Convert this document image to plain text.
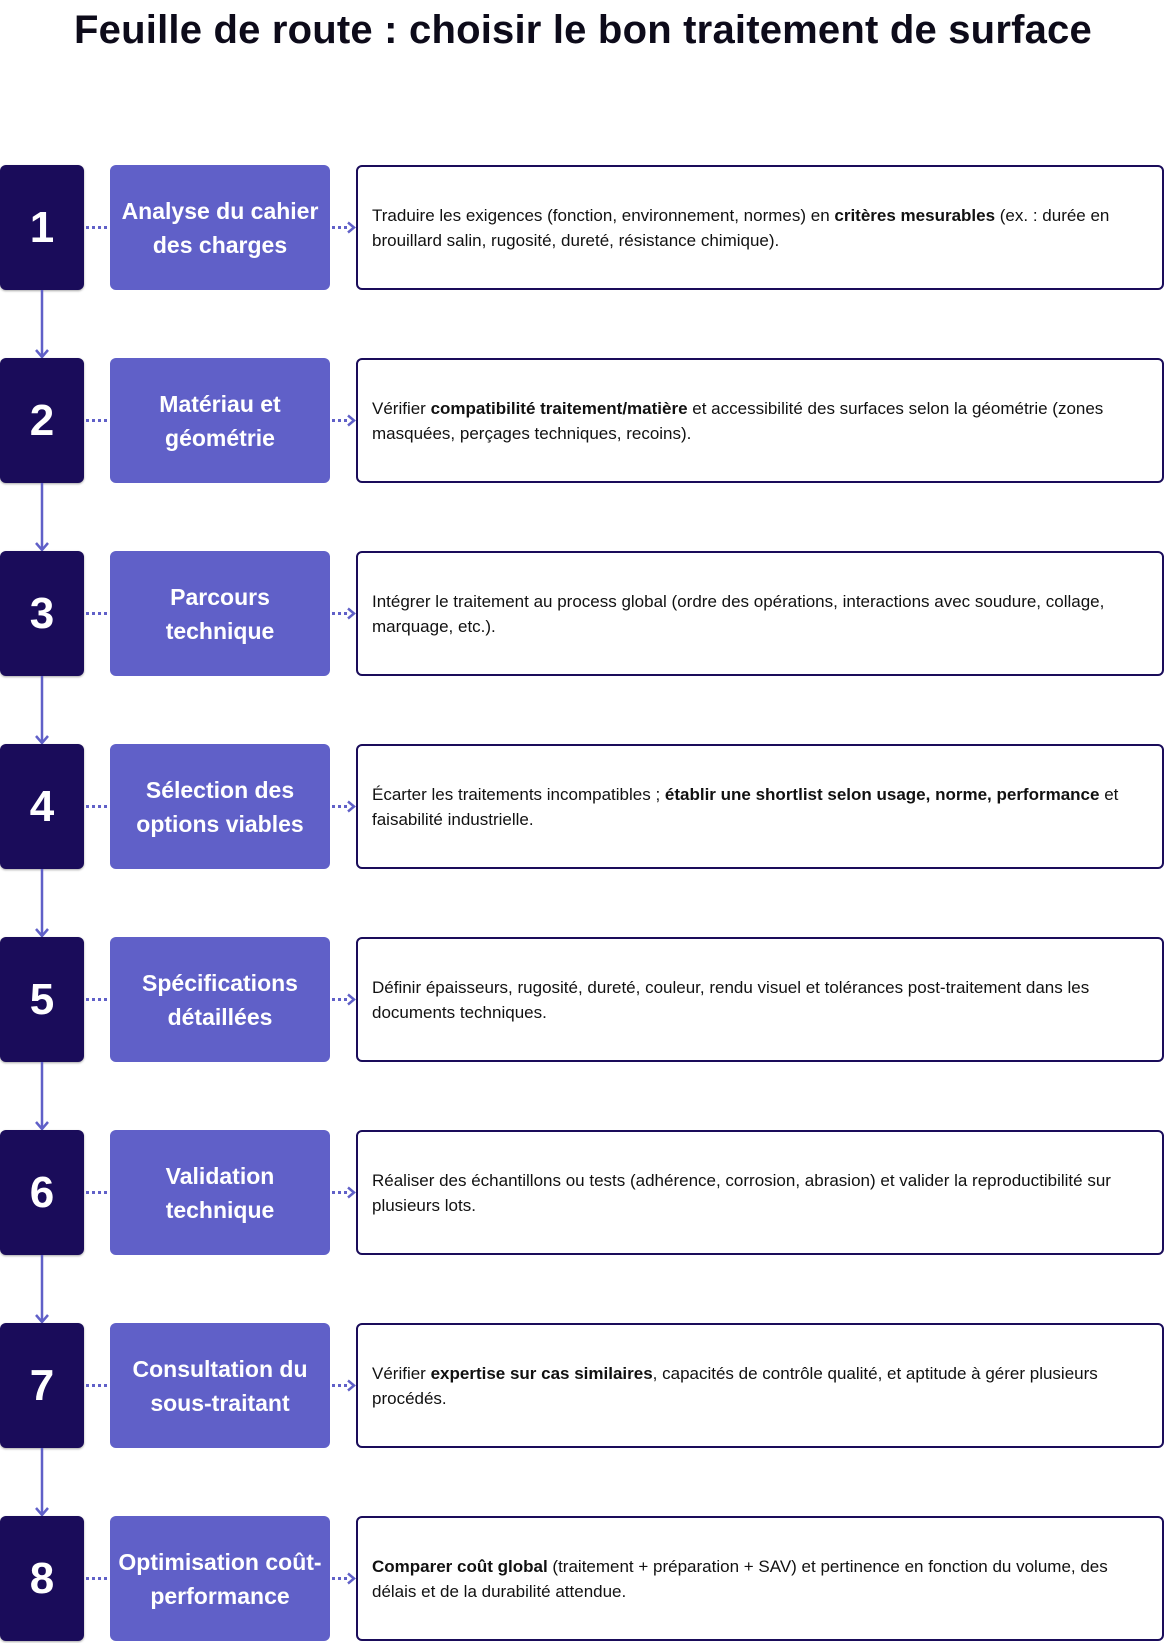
Feuille de route : choisir le bon traitement de surface
1	Analyse du cahier des charges

Traduire les exigences (fonction, environnement, normes) en critères mesurables (ex. : durée en brouillard salin, rugosité, dureté, résistance chimique).

2	Matériau et géométrie

Vérifier compatibilité traitement/matière et accessibilité des surfaces selon la géométrie (zones masquées, perçages techniques, recoins).

3	Parcours technique

Intégrer le traitement au process global (ordre des opérations, interactions avec soudure, collage, marquage, etc.).

4	Sélection des options viables

Écarter les traitements incompatibles ; établir une shortlist selon usage, norme, performance et faisabilité industrielle.

5	Spécifications détaillées

Définir épaisseurs, rugosité, dureté, couleur, rendu visuel et tolérances post-traitement dans les documents techniques.

6	Validation technique

Réaliser des échantillons ou tests (adhérence, corrosion, abrasion) et valider la reproductibilité sur plusieurs lots.

7	Consultation du sous-traitant

Vérifier expertise sur cas similaires, capacités de contrôle qualité, et aptitude à gérer plusieurs procédés.

8	Optimisation coût-performance

Comparer coût global (traitement + préparation + SAV) et pertinence en fonction du volume, des délais et de la durabilité attendue.
